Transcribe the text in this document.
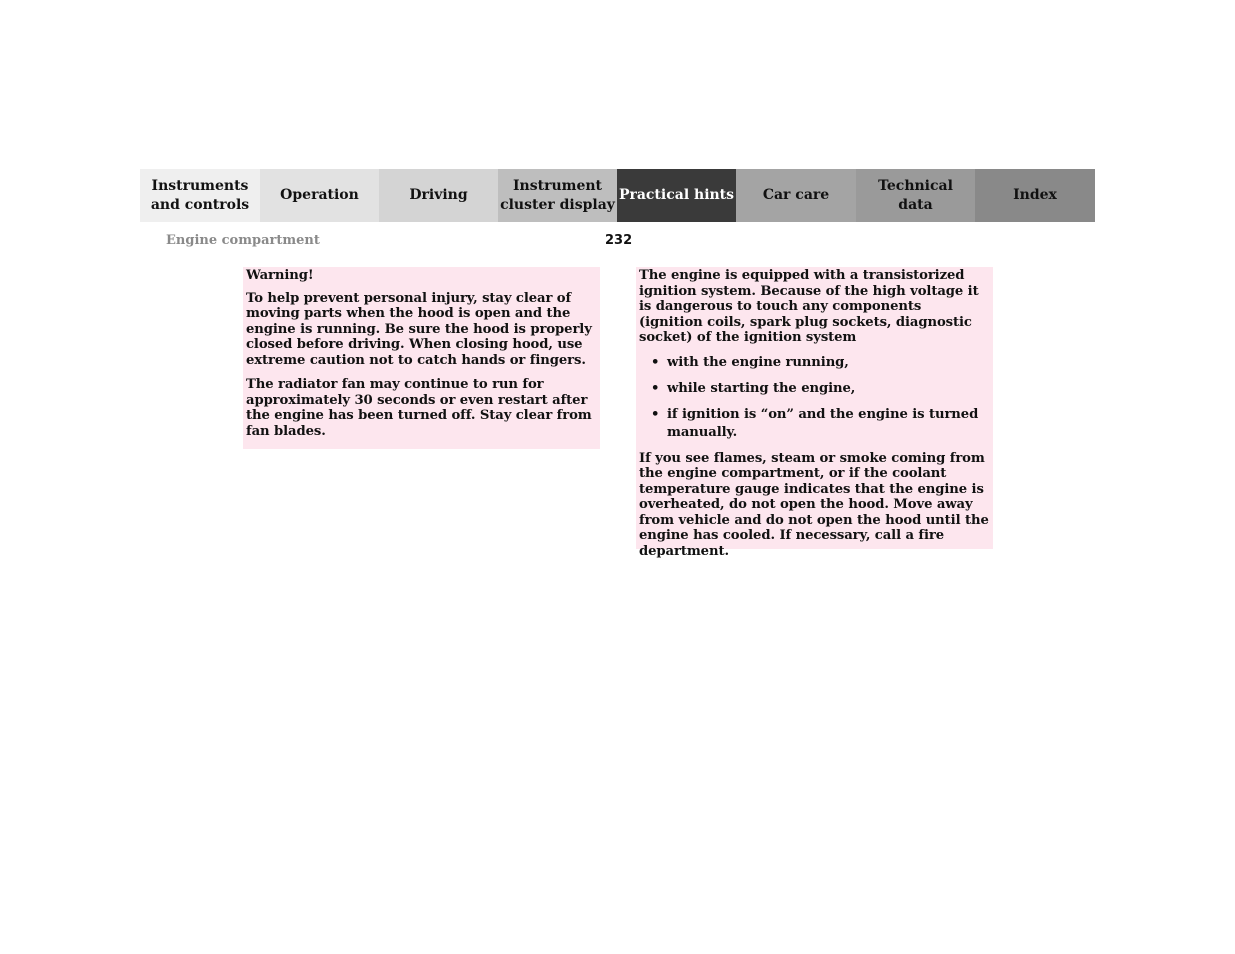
Instruments
and controls
Operation	Driving
Instrument
cluster display
Practical hints	Car care
Technical
data
Index
Engine compartment	232

Warning!

To help prevent personal injury, stay clear of moving parts when the hood is open and the engine is running. Be sure the hood is properly closed before driving. When closing hood, use extreme caution not to catch hands or fingers.

The radiator fan may continue to run for approximately 30 seconds or even restart after the engine has been turned off. Stay clear from fan blades.

The engine is equipped with a transistorized ignition system. Because of the high voltage it is dangerous to touch any components (ignition coils, spark plug sockets, diagnostic socket) of the ignition system

• with the engine running,
• while starting the engine,
• if ignition is “on” and the engine is turned manually.

If you see flames, steam or smoke coming from the engine compartment, or if the coolant temperature gauge indicates that the engine is overheated, do not open the hood. Move away from vehicle and do not open the hood until the engine has cooled. If necessary, call a fire department.
